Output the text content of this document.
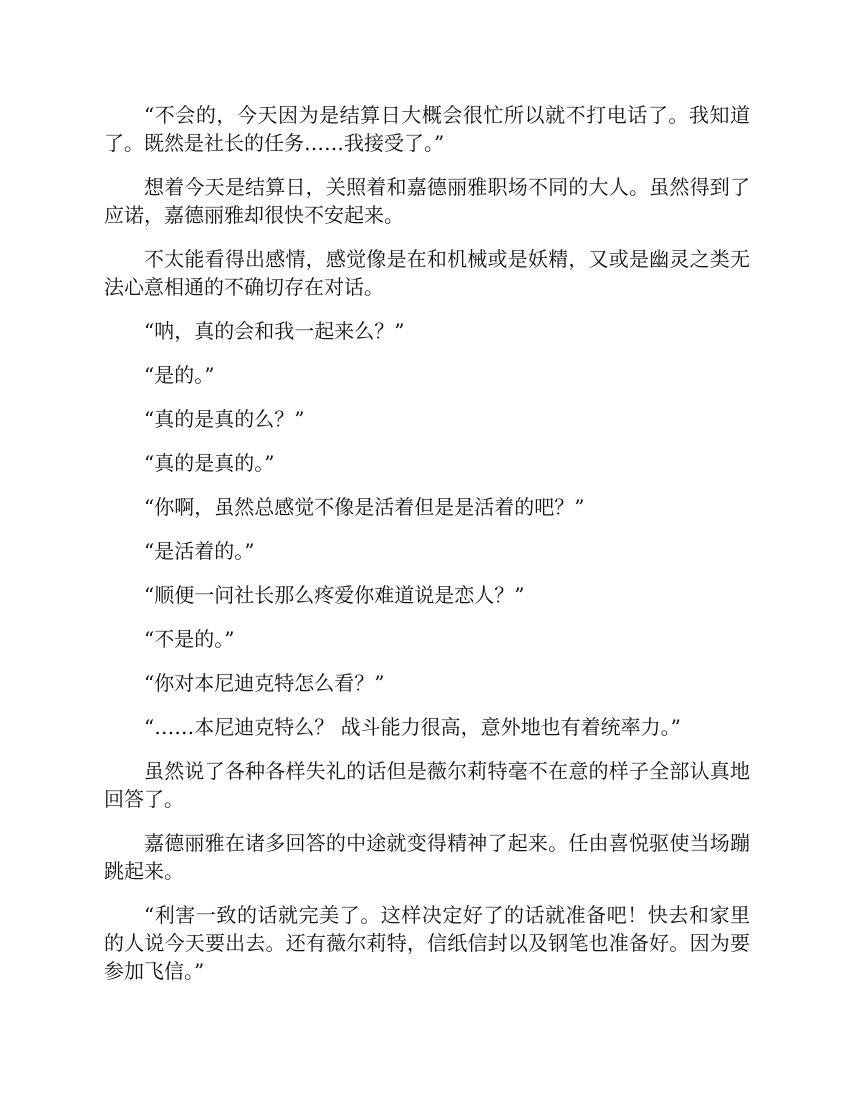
“不会的，今天因为是结算日大概会很忙所以就不打电话了。我知道了。既然是社长的任务……我接受了。”

想着今天是结算日，关照着和嘉德丽雅职场不同的大人。虽然得到了应诺，嘉德丽雅却很快不安起来。

不太能看得出感情，感觉像是在和机械或是妖精，又或是幽灵之类无法心意相通的不确切存在对话。

“呐，真的会和我一起来么？”

“是的。”

“真的是真的么？”

“真的是真的。”

“你啊，虽然总感觉不像是活着但是是活着的吧？”

“是活着的。”

“顺便一问社长那么疼爱你难道说是恋人？”

“不是的。”

“你对本尼迪克特怎么看？”

“……本尼迪克特么？ 战斗能力很高，意外地也有着统率力。”

虽然说了各种各样失礼的话但是薇尔莉特毫不在意的样子全部认真地回答了。

嘉德丽雅在诸多回答的中途就变得精神了起来。任由喜悦驱使当场蹦跳起来。

“利害一致的话就完美了。这样决定好了的话就准备吧！快去和家里的人说今天要出去。还有薇尔莉特，信纸信封以及钢笔也准备好。因为要参加飞信。”
